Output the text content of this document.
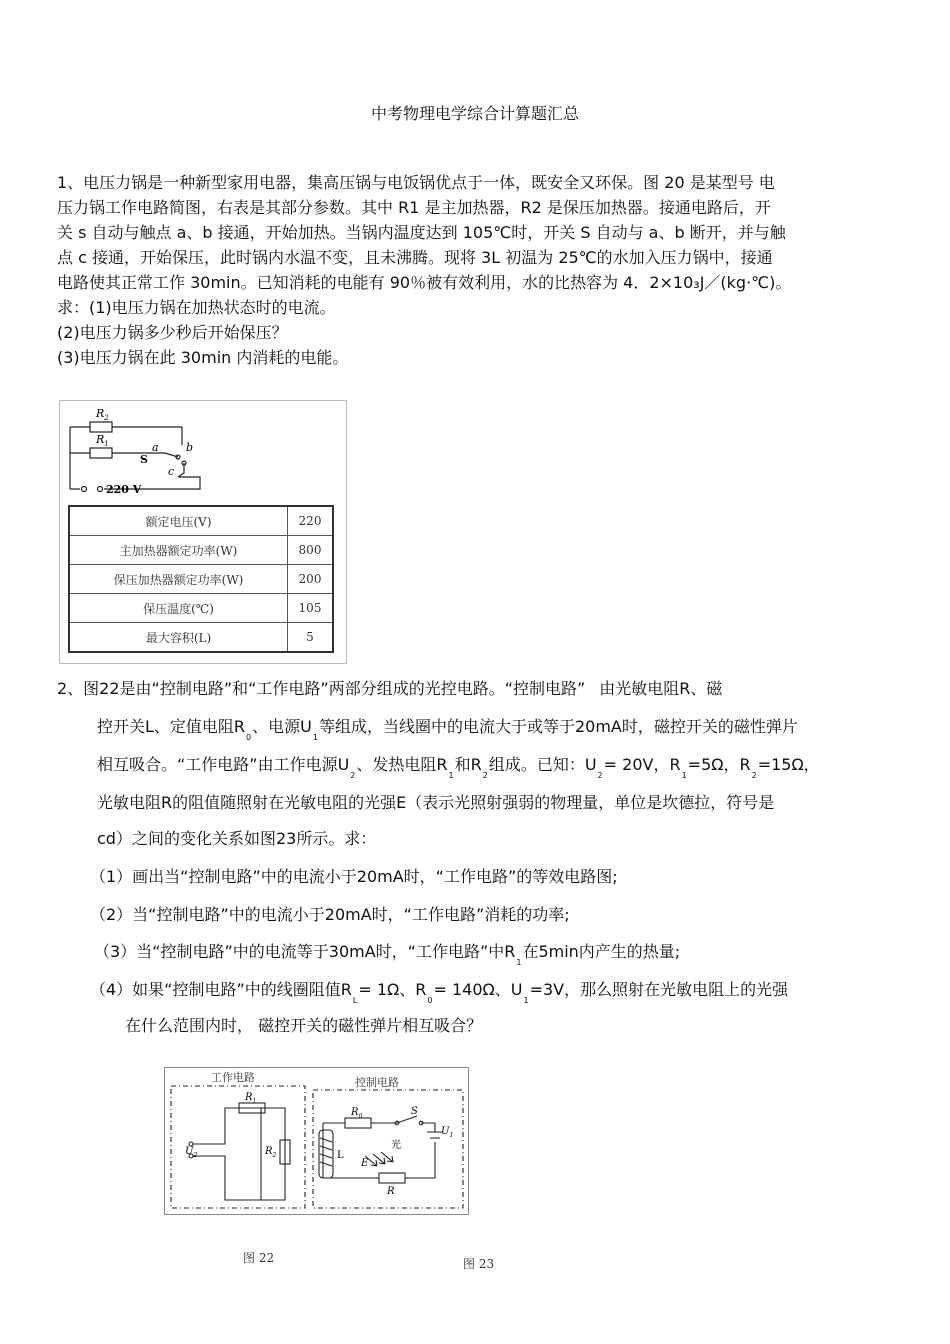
中考物理电学综合计算题汇总
1、电压力锅是一种新型家用电器，集高压锅与电饭锅优点于一体，既安全又环保。图 20 是某型号 电
压力锅工作电路简图，右表是其部分参数。其中 R1 是主加热器，R2 是保压加热器。接通电路后，开
关 s 自动与触点 a、b 接通，开始加热。当锅内温度达到 105℃时，开关 S 自动与 a、b 断开，并与触
点 c 接通，开始保压，此时锅内水温不变，且未沸腾。现将 3L 初温为 25℃的水加入压力锅中，接通
电路使其正常工作 30min。已知消耗的电能有 90％被有效利用，水的比热容为 4．2×10₃J／(kg·℃)。
求：(1)电压力锅在加热状态时的电流。
(2)电压力锅多少秒后开始保压？
(3)电压力锅在此 30min 内消耗的电能。
$R_2$
$R_1$	a b
c
S
220 V
额定电压(V)	220
主加热器额定功率(W)	800
保压加热器额定功率(W)	200
保压温度(℃)	105
最大容积(L)	5
2、图22是由“控制电路”和“工作电路”两部分组成的光控电路。“控制电路” 由光敏电阻R、磁
控开关L、定值电阻$R_0$、电源$U_1$等组成，当线圈中的电流大于或等于20mA时，磁控开关的磁性弹片
相互吸合。“工作电路”由工作电源$U_2$、发热电阻$R_1$和$R_2$组成。已知：$U_2= 20V$，$R_1=5\Omega$，$R_2=15\Omega$，
光敏电阻R的阻值随照射在光敏电阻的光强E（表示光照射强弱的物理量，单位是坎德拉，符号是
cd）之间的变化关系如图23所示。求：
（1）画出当“控制电路”中的电流小于20mA时，“工作电路”的等效电路图;
（2）当“控制电路”中的电流小于20mA时，“工作电路”消耗的功率;
（3）当“控制电路”中的电流等于30mA时，“工作电路”中$R_1$在5min内产生的热量;
（4）如果“控制电路”中的线圈阻值$R_L= 1\Omega$、$R_0= 140\Omega$、$U_1=3V$，那么照射在光敏电阻上的光强
在什么范围内时， 磁控开关的磁性弹片相互吸合？
工作电路	控制电路
$U_2$
$R_1$
$R_2$
$R_0$	S
光
$U_1$
L
E
R
图 22	图 23
